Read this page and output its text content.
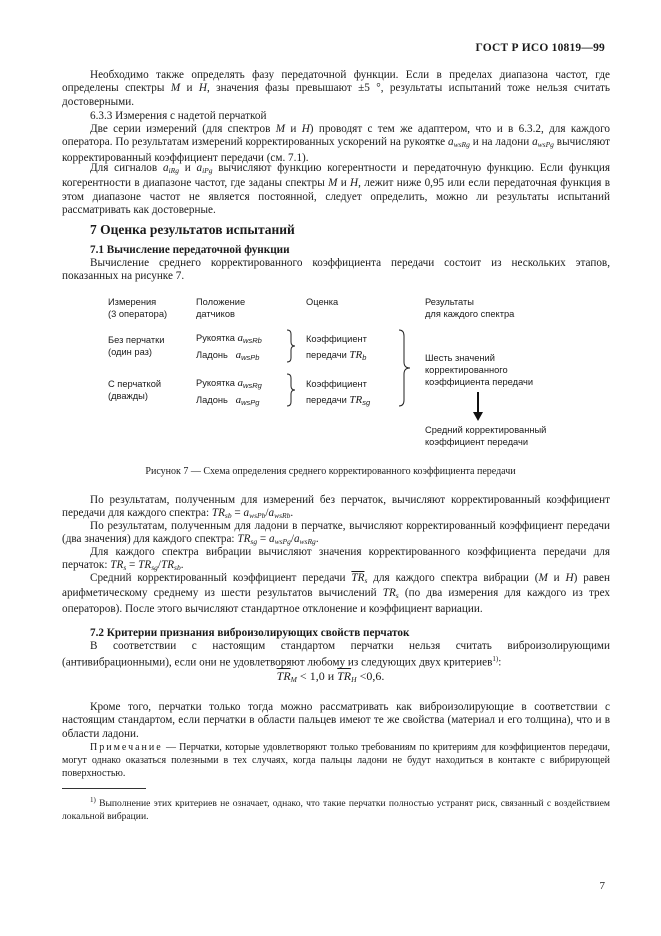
ГОСТ Р ИСО 10819—99
Необходимо также определять фазу передаточной функции. Если в пределах диапазона частот, где определены спектры M и H, значения фазы превышают ±5 °, результаты испытаний тоже нельзя считать достоверными.
6.3.3 Измерения с надетой перчаткой
Две серии измерений (для спектров M и H) проводят с тем же адаптером, что и в 6.3.2, для каждого оператора. По результатам измерений корректированных ускорений на рукоятке $a_{wsRg}$ и на ладони $a_{wsPg}$ вычисляют корректированный коэффициент передачи (см. 7.1).
Для сигналов $a_{iRg}$ и $a_{iPg}$ вычисляют функцию когерентности и передаточную функцию. Если функция когерентности в диапазоне частот, где заданы спектры M и H, лежит ниже 0,95 или если передаточная функция в этом диапазоне частот не является постоянной, следует определить, можно ли результаты испытаний рассматривать как достоверные.
7 Оценка результатов испытаний
7.1 Вычисление передаточной функции
Вычисление среднего корректированного коэффициента передачи состоит из нескольких этапов, показанных на рисунке 7.
Измерения
(3 оператора)
Положение
датчиков
Оценка	Результаты
для каждого спектра
Без перчатки
(один раз)
Рукоятка $a_{wsRb}$
Ладонь $a_{wsPb}$
Коэффициент
передачи $TR_b$
С перчаткой
(дважды)
Рукоятка $a_{wsRg}$
Ладонь $a_{wsPg}$
Коэффициент
передачи $TR_{sg}$
Шесть значений
корректированного
коэффициента передачи
Средний корректированный
коэффициент передачи
Рисунок 7 — Схема определения среднего корректированного коэффициента передачи
По результатам, полученным для измерений без перчаток, вычисляют корректированный коэффициент передачи для каждого спектра: $TR_{sb} = a_{wsPb}/a_{wsRb}$.
По результатам, полученным для ладони в перчатке, вычисляют корректированный коэффициент передачи (два значения) для каждого спектра: $TR_{sg} = a_{wsPg}/a_{wsRg}$.
Для каждого спектра вибрации вычисляют значения корректированного коэффициента передачи для перчаток: $TR_s = TR_{sg}/TR_{sb}$.
Средний корректированный коэффициент передачи $\overline{TR}_s$ для каждого спектра вибрации (M и H) равен арифметическому среднему из шести результатов вычислений $TR_s$ (по два измерения для каждого из трех операторов). После этого вычисляют стандартное отклонение и коэффициент вариации.
7.2 Критерии признания виброизолирующих свойств перчаток
В соответствии с настоящим стандартом перчатки нельзя считать виброизолирующими (антивибрационными), если они не удовлетворяют любому из следующих двух критериев$^{1)}$:
$\overline{TR}_M < 1,0$ и $\overline{TR}_H <0,6$.
Кроме того, перчатки только тогда можно рассматривать как виброизолирующие в соответствии с настоящим стандартом, если перчатки в области пальцев имеют те же свойства (материал и его толщина), что и в области ладони.
Примечание — Перчатки, которые удовлетворяют только требованиям по критериям для коэффициентов передачи, могут однако оказаться полезными в тех случаях, когда пальцы ладони не будут находиться в контакте с вибрирующей поверхностью.
$^{1)}$ Выполнение этих критериев не означает, однако, что такие перчатки полностью устранят риск, связанный с воздействием локальной вибрации.
7
